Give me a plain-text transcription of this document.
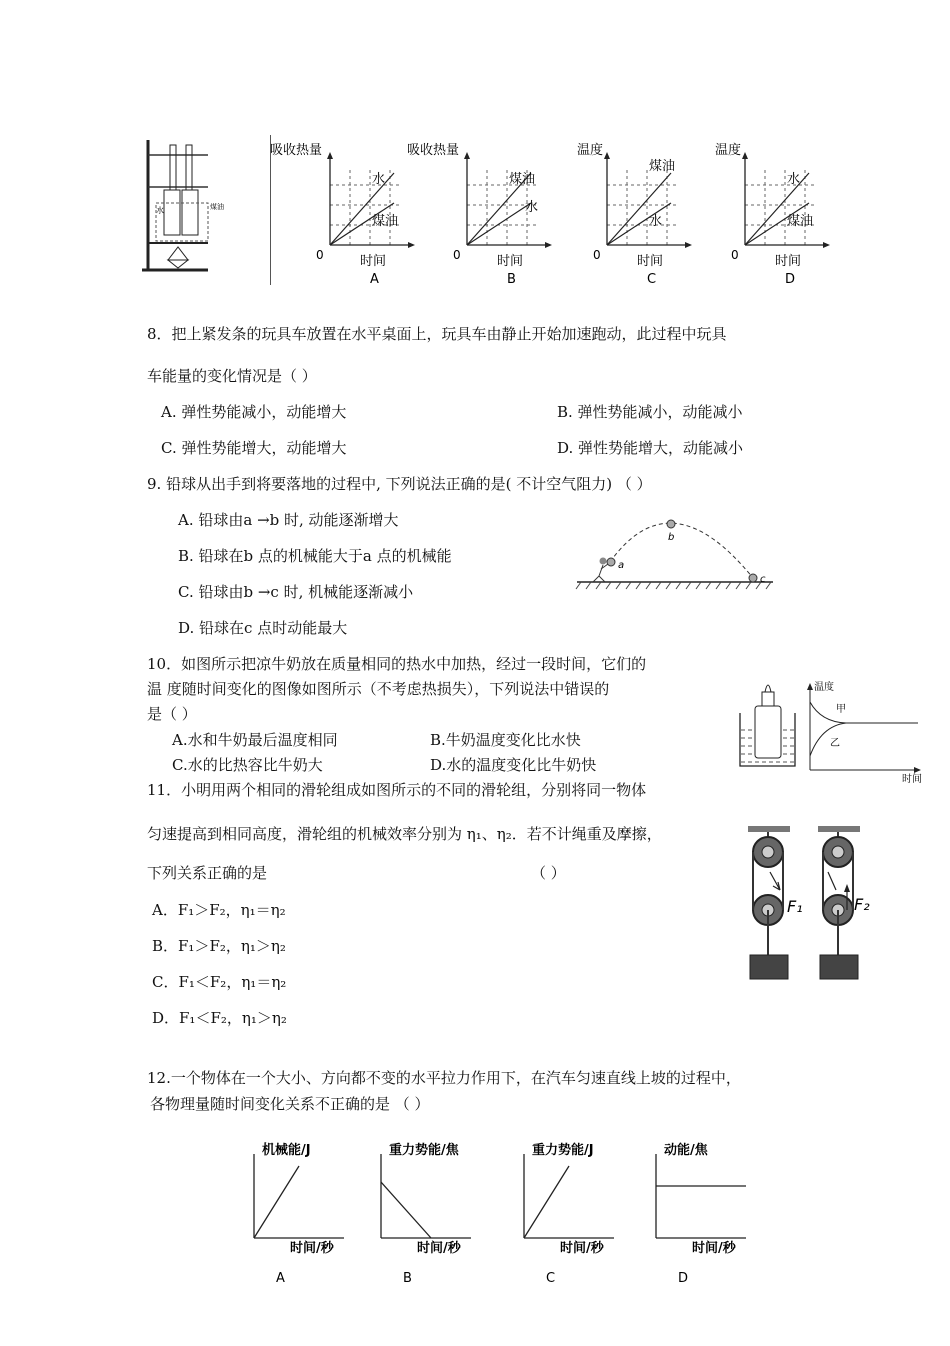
水	煤油
吸收热量
0	时间
水
煤油
A
吸收热量
0	时间
煤油
水
B
温度
0	时间
煤油
水
C
温度
0	时间
水
煤油
D
8．把上紧发条的玩具车放置在水平桌面上，玩具车由静止开始加速跑动，此过程中玩具
车能量的变化情况是（ ）
A. 弹性势能减小，动能增大	B. 弹性势能减小，动能减小
C. 弹性势能增大，动能增大	D. 弹性势能增大，动能减小
9. 铅球从出手到将要落地的过程中, 下列说法正确的是( 不计空气阻力) （ ）
A. 铅球由a →b 时, 动能逐渐增大
B. 铅球在b 点的机械能大于a 点的机械能
C. 铅球由b →c 时, 机械能逐渐减小
D. 铅球在c 点时动能最大
a
b
c
10．如图所示把凉牛奶放在质量相同的热水中加热，经过一段时间，它们的
温 度随时间变化的图像如图所示（不考虑热损失），下列说法中错误的
是（ ）
A.水和牛奶最后温度相同	B.牛奶温度变化比水快
C.水的比热容比牛奶大	D.水的温度变化比牛奶快
温度
甲
乙
时间
11．小明用两个相同的滑轮组成如图所示的不同的滑轮组，分别将同一物体
匀速提高到相同高度，滑轮组的机械效率分别为 η₁、η₂．若不计绳重及摩擦，
下列关系正确的是	（ ）
A．F₁＞F₂，η₁＝η₂
B．F₁＞F₂，η₁＞η₂
C．F₁＜F₂，η₁＝η₂
D．F₁＜F₂，η₁＞η₂
F₁	F₂
12.一个物体在一个大小、方向都不变的水平拉力作用下，在汽车匀速直线上坡的过程中，
各物理量随时间变化关系不正确的是 （ ）
机械能/J
时间/秒
A
重力势能/焦
时间/秒
B
重力势能/J
时间/秒
C
动能/焦
时间/秒
D
